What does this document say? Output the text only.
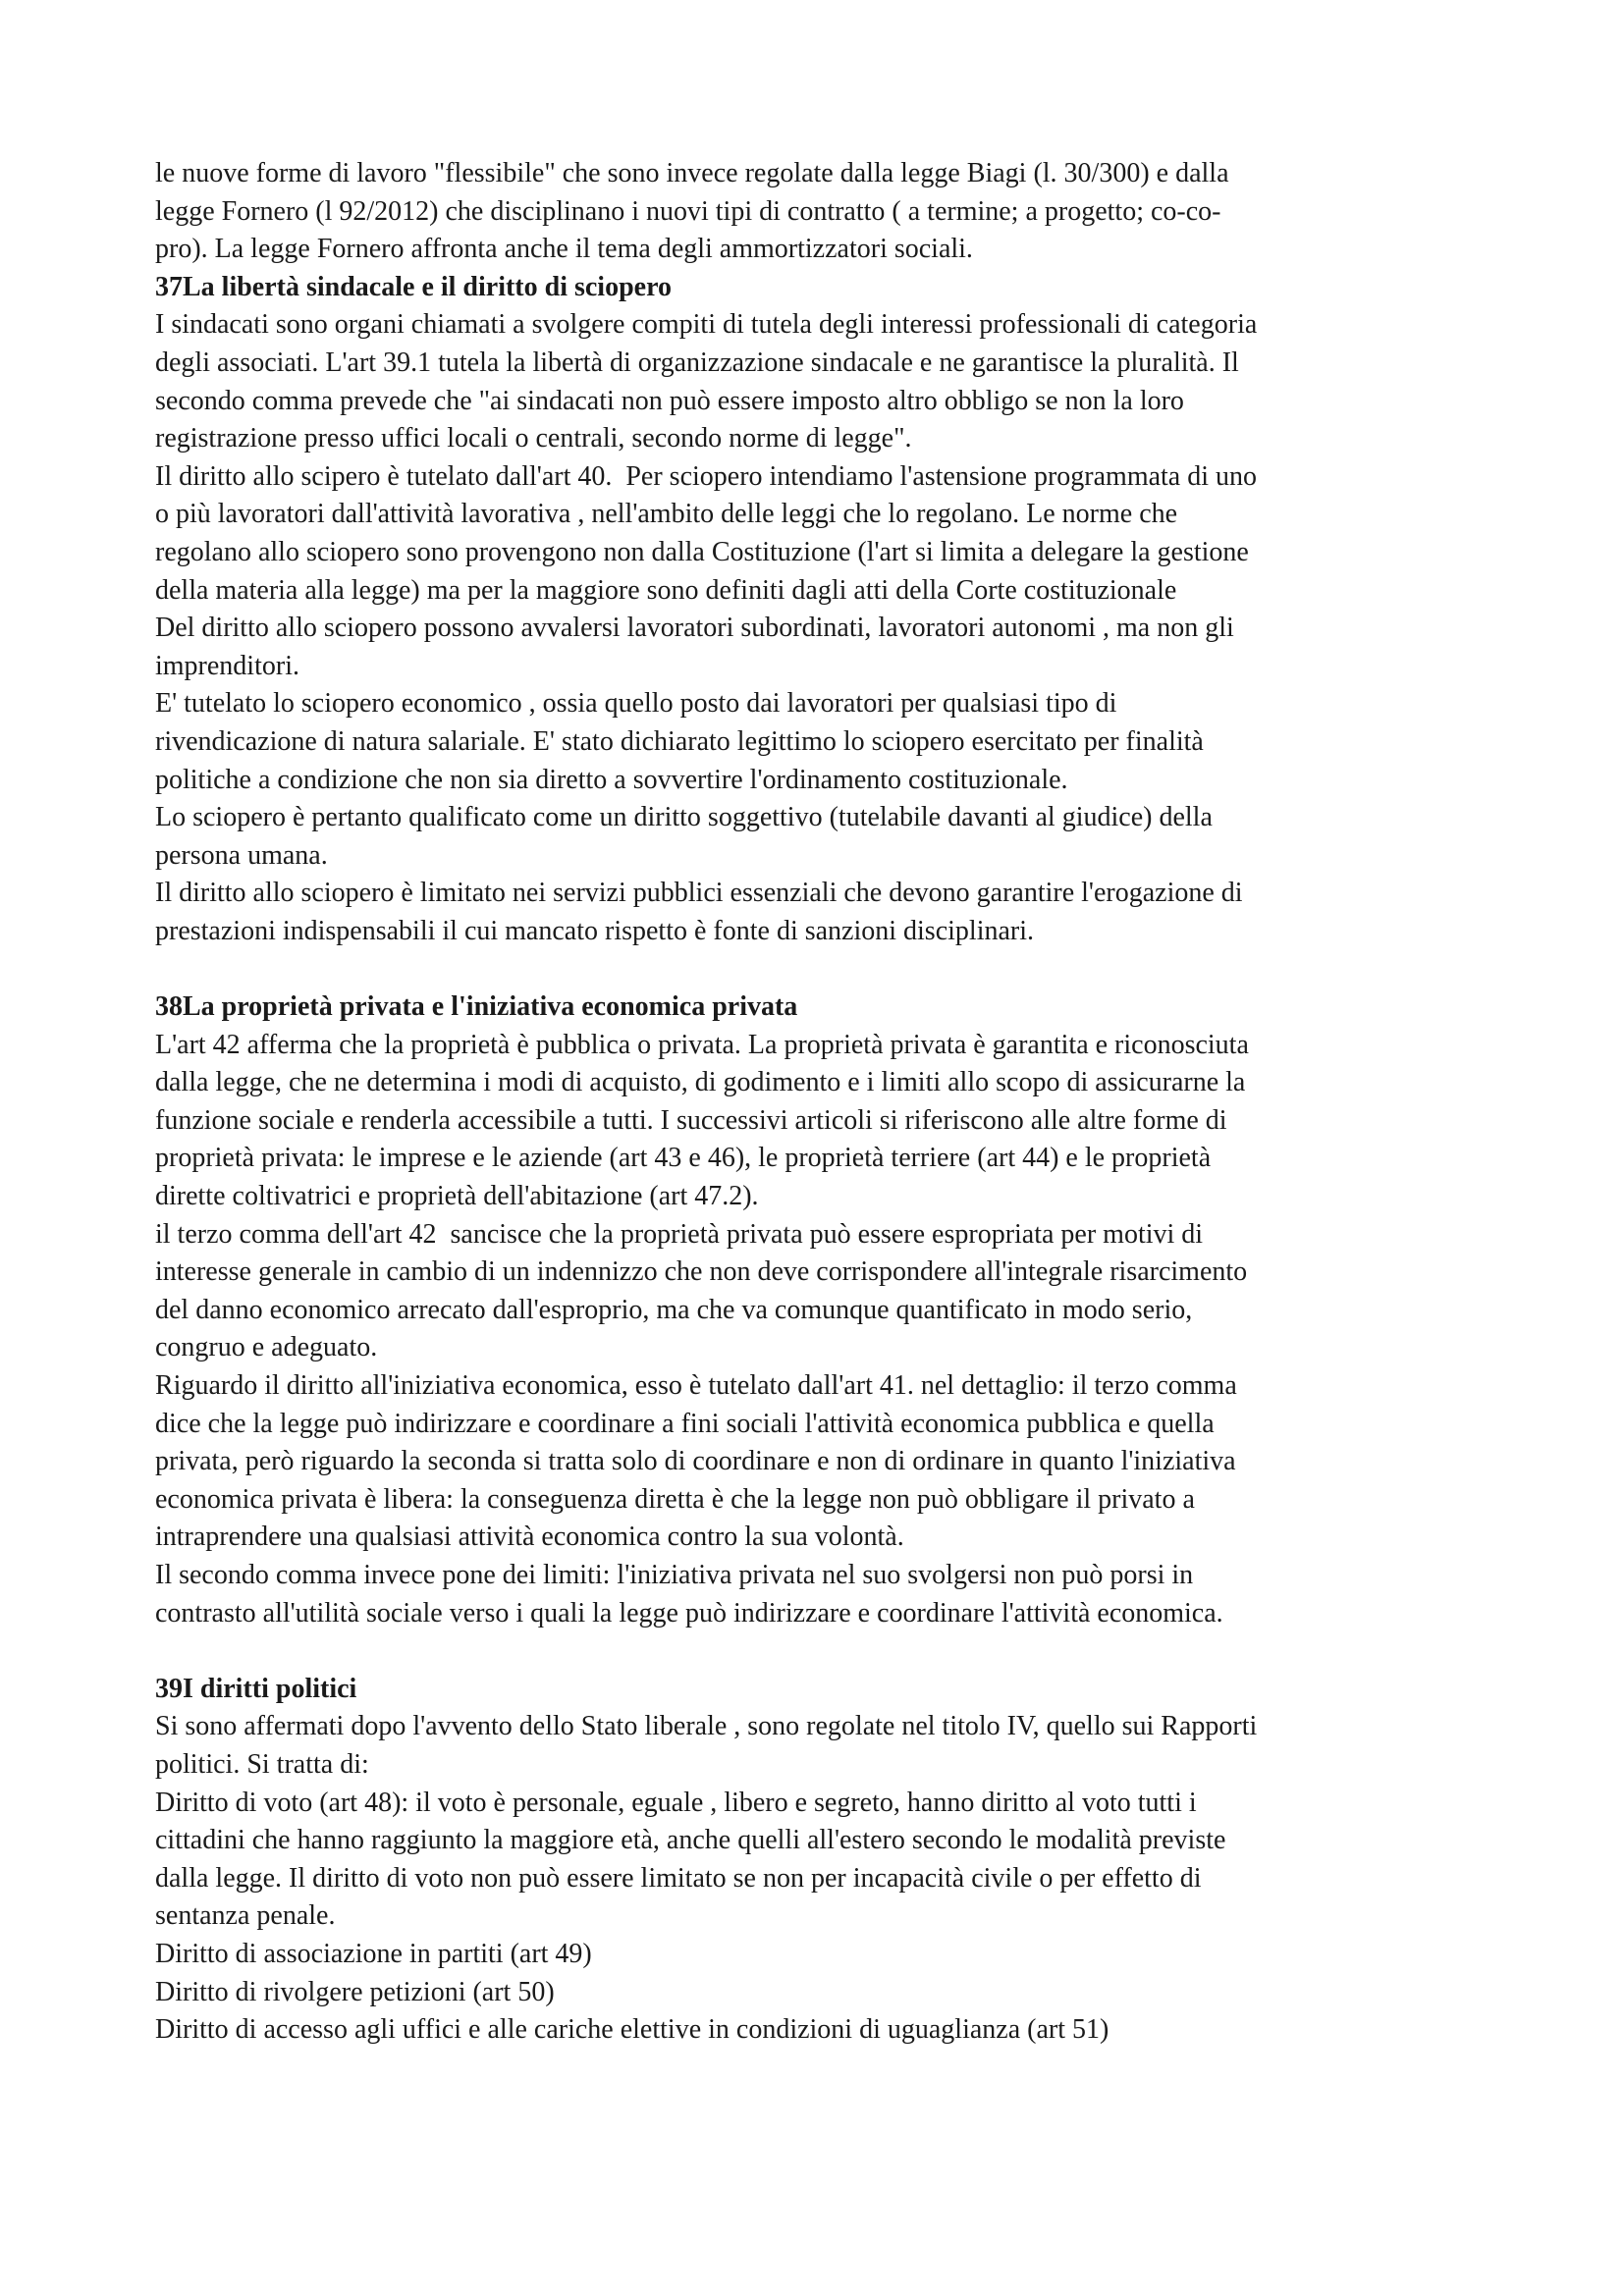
le nuove forme di lavoro "flessibile" che sono invece regolate dalla legge Biagi (l. 30/300) e dalla
legge Fornero (l 92/2012) che disciplinano i nuovi tipi di contratto ( a termine; a progetto; co-co-
pro). La legge Fornero affronta anche il tema degli ammortizzatori sociali.
37La libertà sindacale e il diritto di sciopero
I sindacati sono organi chiamati a svolgere compiti di tutela degli interessi professionali di categoria
degli associati. L'art 39.1 tutela la libertà di organizzazione sindacale e ne garantisce la pluralità. Il
secondo comma prevede che "ai sindacati non può essere imposto altro obbligo se non la loro
registrazione presso uffici locali o centrali, secondo norme di legge".
Il diritto allo scipero è tutelato dall'art 40.  Per sciopero intendiamo l'astensione programmata di uno
o più lavoratori dall'attività lavorativa , nell'ambito delle leggi che lo regolano. Le norme che
regolano allo sciopero sono provengono non dalla Costituzione (l'art si limita a delegare la gestione
della materia alla legge) ma per la maggiore sono definiti dagli atti della Corte costituzionale
Del diritto allo sciopero possono avvalersi lavoratori subordinati, lavoratori autonomi , ma non gli
imprenditori.
E' tutelato lo sciopero economico , ossia quello posto dai lavoratori per qualsiasi tipo di
rivendicazione di natura salariale. E' stato dichiarato legittimo lo sciopero esercitato per finalità
politiche a condizione che non sia diretto a sovvertire l'ordinamento costituzionale.
Lo sciopero è pertanto qualificato come un diritto soggettivo (tutelabile davanti al giudice) della
persona umana.
Il diritto allo sciopero è limitato nei servizi pubblici essenziali che devono garantire l'erogazione di
prestazioni indispensabili il cui mancato rispetto è fonte di sanzioni disciplinari.
38La proprietà privata e l'iniziativa economica privata
L'art 42 afferma che la proprietà è pubblica o privata. La proprietà privata è garantita e riconosciuta
dalla legge, che ne determina i modi di acquisto, di godimento e i limiti allo scopo di assicurarne la
funzione sociale e renderla accessibile a tutti. I successivi articoli si riferiscono alle altre forme di
proprietà privata: le imprese e le aziende (art 43 e 46), le proprietà terriere (art 44) e le proprietà
dirette coltivatrici e proprietà dell'abitazione (art 47.2).
il terzo comma dell'art 42  sancisce che la proprietà privata può essere espropriata per motivi di
interesse generale in cambio di un indennizzo che non deve corrispondere all'integrale risarcimento
del danno economico arrecato dall'esproprio, ma che va comunque quantificato in modo serio,
congruo e adeguato.
Riguardo il diritto all'iniziativa economica, esso è tutelato dall'art 41. nel dettaglio: il terzo comma
dice che la legge può indirizzare e coordinare a fini sociali l'attività economica pubblica e quella
privata, però riguardo la seconda si tratta solo di coordinare e non di ordinare in quanto l'iniziativa
economica privata è libera: la conseguenza diretta è che la legge non può obbligare il privato a
intraprendere una qualsiasi attività economica contro la sua volontà.
Il secondo comma invece pone dei limiti: l'iniziativa privata nel suo svolgersi non può porsi in
contrasto all'utilità sociale verso i quali la legge può indirizzare e coordinare l'attività economica.
39I diritti politici
Si sono affermati dopo l'avvento dello Stato liberale , sono regolate nel titolo IV, quello sui Rapporti
politici. Si tratta di:
Diritto di voto (art 48): il voto è personale, eguale , libero e segreto, hanno diritto al voto tutti i
cittadini che hanno raggiunto la maggiore età, anche quelli all'estero secondo le modalità previste
dalla legge. Il diritto di voto non può essere limitato se non per incapacità civile o per effetto di
sentanza penale.
Diritto di associazione in partiti (art 49)
Diritto di rivolgere petizioni (art 50)
Diritto di accesso agli uffici e alle cariche elettive in condizioni di uguaglianza (art 51)
